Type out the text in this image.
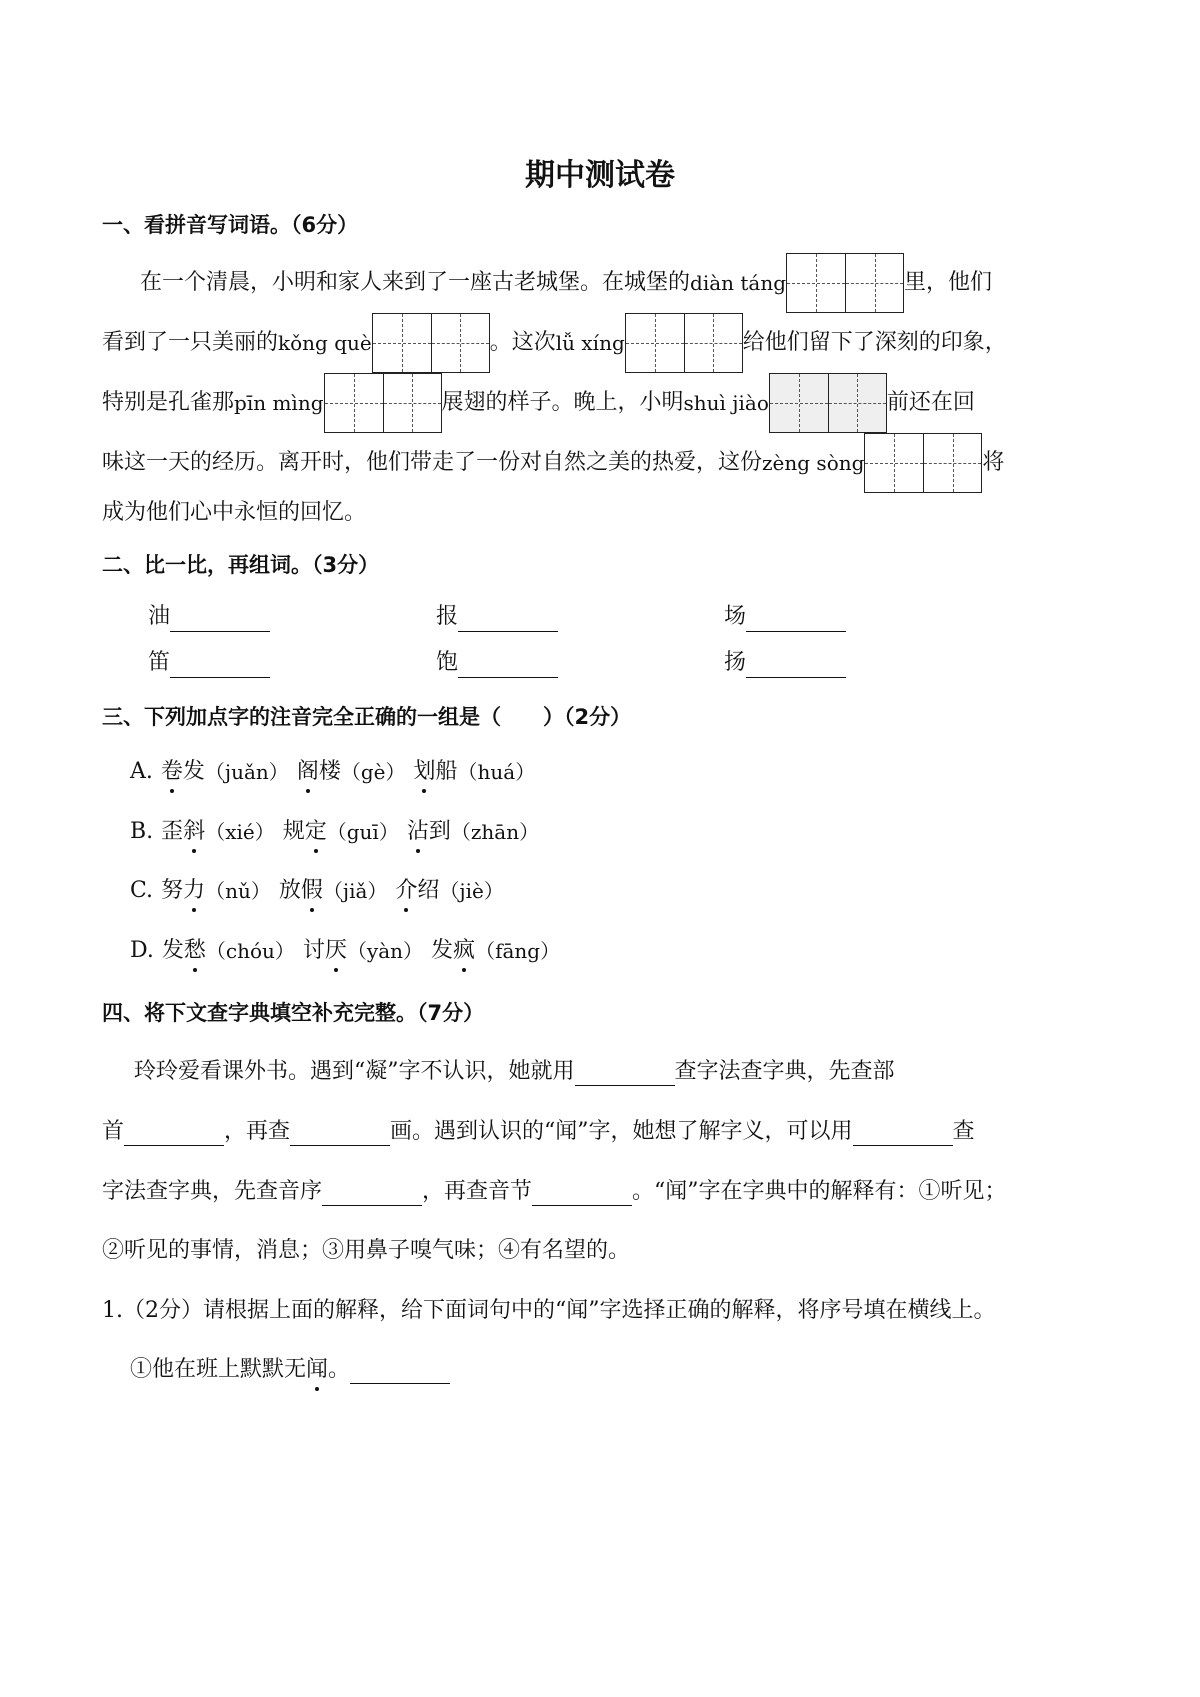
期中测试卷
一、看拼音写词语。（6分）
在一个清晨，小明和家人来到了一座古老城堡。在城堡的 diàn táng	里，他们
看到了一只美丽的 kǒng què	。这次 lǚ xíng	给他们留下了深刻的印象，
特别是孔雀那 pīn mìng	展翅的样子。晚上，小明 shuì jiào	前还在回
味这一天的经历。离开时，他们带走了一份对自然之美的热爱，这份 zèng sòng	将
成为他们心中永恒的回忆。
二、比一比，再组词。（3分）
油	报	场
笛	饱	扬
三、下列加点字的注音完全正确的一组是（　　）（2分）
A. 卷 发 （juǎn） 阁 楼 （gè） 划 船 （huá）
B. 歪 斜 （xié） 规 定 （guī） 沾 到 （zhān）
C. 努 力 （nǔ） 放 假 （jiǎ） 介 绍 （jiè）
D. 发 愁 （chóu） 讨 厌 （yàn） 发 疯 （fāng）
四、将下文查字典填空补充完整。（7分）
玲玲爱看课外书。遇到“凝”字不认识，她就用	查字法查字典，先查部
首	，再查	画。遇到认识的“闻”字，她想了解字义，可以用	查
字法查字典，先查音序	，再查音节	。“闻”字在字典中的解释有：①听见；
②听见的事情，消息；③用鼻子嗅气味；④有名望的。
1.（2分）请根据上面的解释，给下面词句中的“闻”字选择正确的解释，将序号填在横线上。
①他在班上默默无 闻 。
